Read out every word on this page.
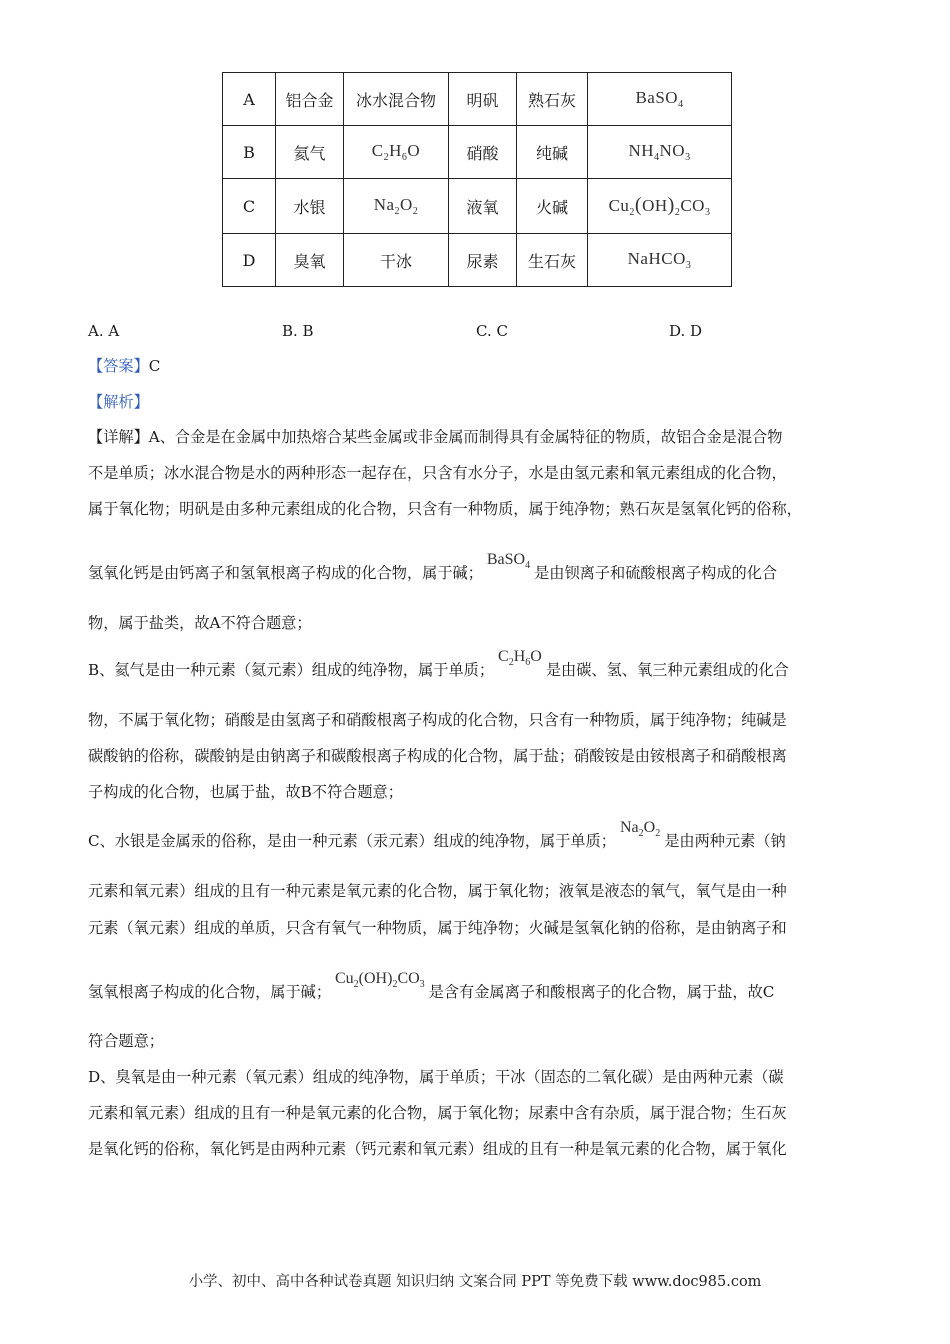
A	铝合金	冰水混合物	明矾	熟石灰	BaSO$_4$
B	氦气	$C_2H_6O$	硝酸	纯碱	$NH_4NO_3$
C	水银	$Na_2O_2$	液氧	火碱	$Cu_2(OH)_2CO_3$
D	臭氧	干冰	尿素	生石灰	NaHCO$_3$
A. A	B. B	C. C	D. D
【答案】C
【解析】
【详解】A、合金是在金属中加热熔合某些金属或非金属而制得具有金属特征的物质，故铝合金是混合物
不是单质；冰水混合物是水的两种形态一起存在，只含有水分子，水是由氢元素和氧元素组成的化合物，
属于氧化物；明矾是由多种元素组成的化合物，只含有一种物质，属于纯净物；熟石灰是氢氧化钙的俗称，
氢氧化钙是由钙离子和氢氧根离子构成的化合物，属于碱；BaSO$_4$ 是由钡离子和硫酸根离子构成的化合
物，属于盐类，故A不符合题意；
B、氦气是由一种元素（氦元素）组成的纯净物，属于单质；$C_2H_6O$是由碳、氢、氧三种元素组成的化合
物，不属于氧化物；硝酸是由氢离子和硝酸根离子构成的化合物，只含有一种物质，属于纯净物；纯碱是
碳酸钠的俗称，碳酸钠是由钠离子和碳酸根离子构成的化合物，属于盐；硝酸铵是由铵根离子和硝酸根离
子构成的化合物，也属于盐，故B不符合题意；
C、水银是金属汞的俗称，是由一种元素（汞元素）组成的纯净物，属于单质；$Na_2O_2$ 是由两种元素（钠
元素和氧元素）组成的且有一种元素是氧元素的化合物，属于氧化物；液氧是液态的氧气，氧气是由一种
元素（氧元素）组成的单质，只含有氧气一种物质，属于纯净物；火碱是氢氧化钠的俗称，是由钠离子和
氢氧根离子构成的化合物，属于碱；$Cu_2(OH)_2CO_3$ 是含有金属离子和酸根离子的化合物，属于盐，故C
符合题意；
D、臭氧是由一种元素（氧元素）组成的纯净物，属于单质；干冰（固态的二氧化碳）是由两种元素（碳
元素和氧元素）组成的且有一种是氧元素的化合物，属于氧化物；尿素中含有杂质，属于混合物；生石灰
是氧化钙的俗称，氧化钙是由两种元素（钙元素和氧元素）组成的且有一种是氧元素的化合物，属于氧化
小学、初中、高中各种试卷真题 知识归纳 文案合同 PPT 等免费下载 www.doc985.com
